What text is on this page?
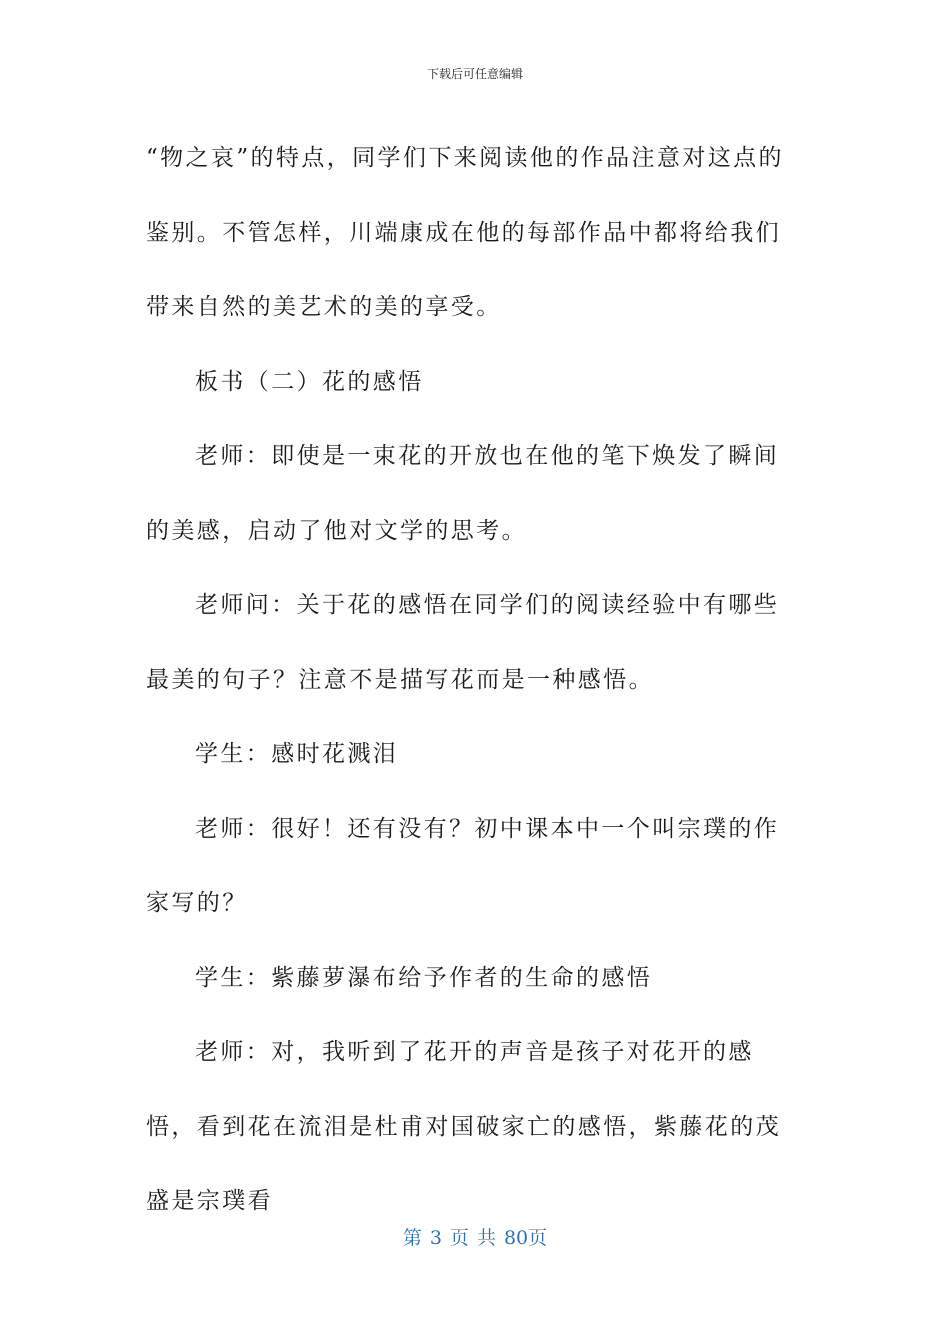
下载后可任意编辑

“物之哀”的特点，同学们下来阅读他的作品注意对这点的鉴别。不管怎样，川端康成在他的每部作品中都将给我们带来自然的美艺术的美的享受。

板书（二）花的感悟

老师：即使是一束花的开放也在他的笔下焕发了瞬间的美感，启动了他对文学的思考。

老师问：关于花的感悟在同学们的阅读经验中有哪些最美的句子？注意不是描写花而是一种感悟。

学生：感时花溅泪

老师：很好！还有没有？初中课本中一个叫宗璞的作家写的？

学生：紫藤萝瀑布给予作者的生命的感悟

老师：对，我听到了花开的声音是孩子对花开的感悟，看到花在流泪是杜甫对国破家亡的感悟，紫藤花的茂盛是宗璞看

第 3 页 共 80页
